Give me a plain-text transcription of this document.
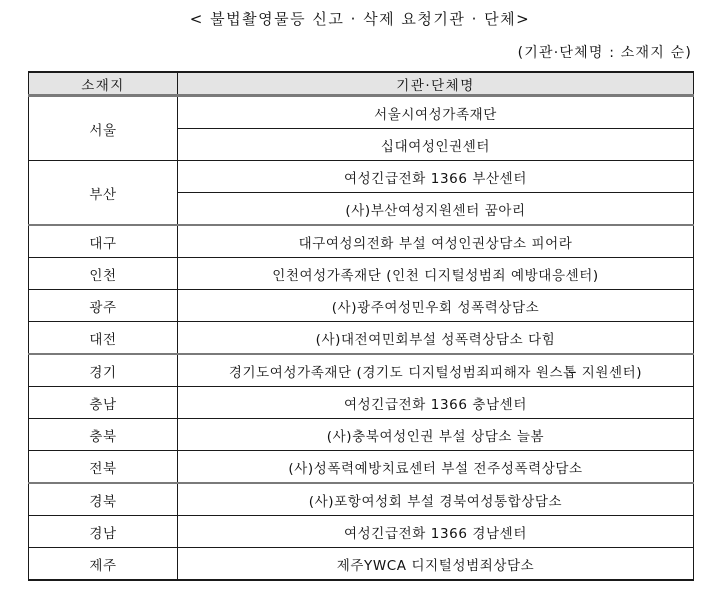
< 불법촬영물등 신고 · 삭제 요청기관 · 단체>
(기관·단체명 : 소재지 순)
소재지	기관·단체명
서울	서울시여성가족재단
	십대여성인권센터
부산	여성긴급전화 1366 부산센터
	(사)부산여성지원센터 꿈아리
대구	대구여성의전화 부설 여성인권상담소 피어라
인천	인천여성가족재단 (인천 디지털성범죄 예방대응센터)
광주	(사)광주여성민우회 성폭력상담소
대전	(사)대전여민회부설 성폭력상담소 다힘
경기	경기도여성가족재단 (경기도 디지털성범죄피해자 원스톱 지원센터)
충남	여성긴급전화 1366 충남센터
충북	(사)충북여성인권 부설 상담소 늘봄
전북	(사)성폭력예방치료센터 부설 전주성폭력상담소
경북	(사)포항여성회 부설 경북여성통합상담소
경남	여성긴급전화 1366 경남센터
제주	제주YWCA 디지털성범죄상담소
